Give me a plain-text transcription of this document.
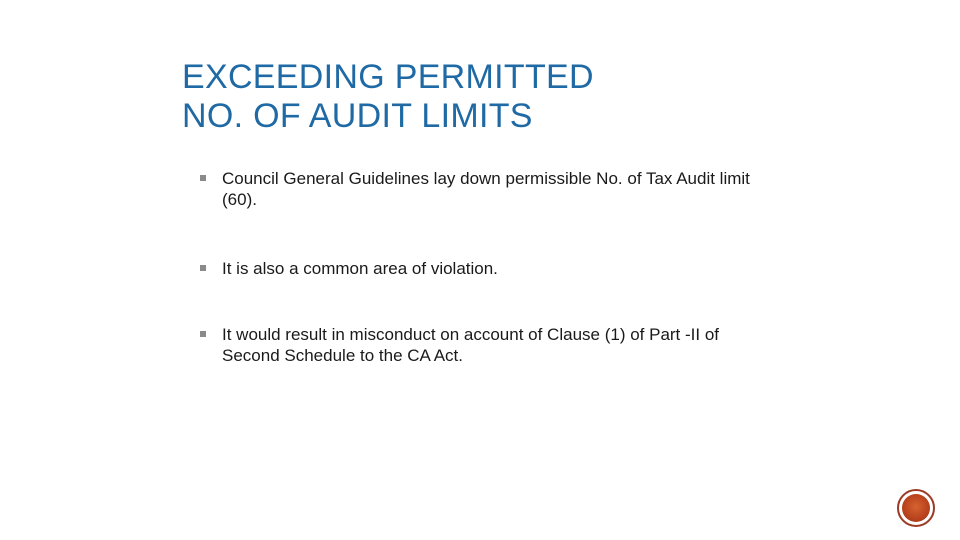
EXCEEDING PERMITTED
NO. OF AUDIT LIMITS
Council General Guidelines lay down permissible No. of Tax Audit limit (60).
It is also a common area of violation.
It would result in misconduct on account of Clause (1) of Part -II of Second Schedule to the CA Act.
